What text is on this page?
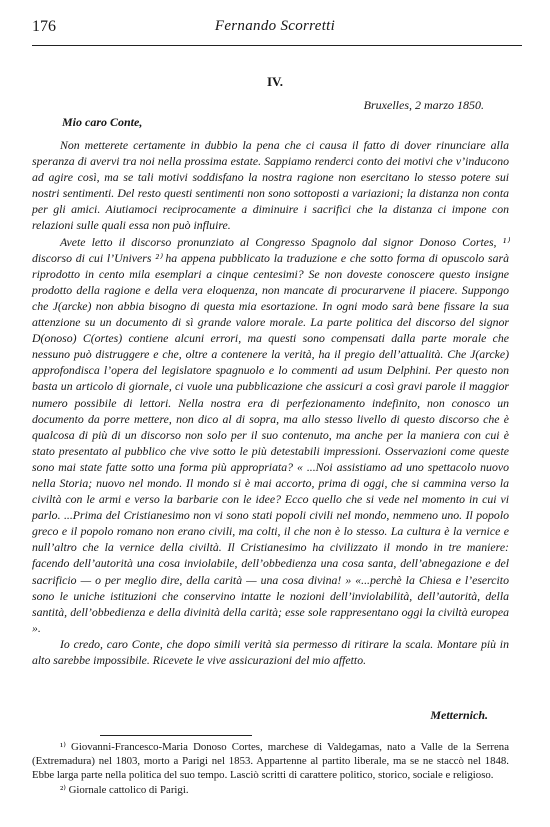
176	Fernando Scorretti
IV.
Bruxelles, 2 marzo 1850.
Mio caro Conte,

Non metterete certamente in dubbio la pena che ci causa il fatto di dover rinunciare alla speranza di avervi tra noi nella prossima estate. Sappiamo renderci conto dei motivi che v’inducono ad agire così, ma se tali motivi soddisfano la nostra ragione non esercitano lo stesso potere sui nostri sentimenti. Del resto questi sentimenti non sono sottoposti a variazioni; la distanza non conta per gli amici. Aiutiamoci reciprocamente a diminuire i sacrifici che la distanza ci impone con relazioni sulle quali essa non può influire.

Avete letto il discorso pronunziato al Congresso Spagnolo dal signor Donoso Cortes, ¹⁾ discorso di cui l’Univers ²⁾ ha appena pubblicato la traduzione e che sotto forma di opuscolo sarà riprodotto in cento mila esemplari a cinque centesimi? Se non doveste conoscere questo insigne prodotto della ragione e della vera eloquenza, non mancate di procurarvene il piacere. Suppongo che J(arcke) non abbia bisogno di questa mia esortazione. In ogni modo sarà bene fissare la sua attenzione su un documento di sì grande valore morale. La parte politica del discorso del signor D(onoso) C(ortes) contiene alcuni errori, ma questi sono compensati dalla parte morale che nessuno può distruggere e che, oltre a contenere la verità, ha il pregio dell’attualità. Che J(arcke) approfondisca l’opera del legislatore spagnuolo e lo commenti ad usum Delphini. Per questo non basta un articolo di giornale, ci vuole una pubblicazione che assicuri a così gravi parole il maggior numero possibile di lettori. Nella nostra era di perfezionamento indefinito, non conosco un documento da porre mettere, non dico al di sopra, ma allo stesso livello di questo discorso che è qualcosa di più di un discorso non solo per il suo contenuto, ma anche per la maniera con cui è stato presentato al pubblico che vive sotto le più detestabili impressioni. Osservazioni come queste sono mai state fatte sotto una forma più appropriata? « ...Noi assistiamo ad uno spettacolo nuovo nella Storia; nuovo nel mondo. Il mondo si è mai accorto, prima di oggi, che si cammina verso la civiltà con le armi e verso la barbarie con le idee? Ecco quello che si vede nel momento in cui vi parlo. ...Prima del Cristianesimo non vi sono stati popoli civili nel mondo, nemmeno uno. Il popolo greco e il popolo romano non erano civili, ma colti, il che non è lo stesso. La cultura è la vernice e null’altro che la vernice della civiltà. Il Cristianesimo ha civilizzato il mondo in tre maniere: facendo dell’autorità una cosa inviolabile, dell’obbedienza una cosa santa, dell’abnegazione e del sacrificio — o per meglio dire, della carità — una cosa divina! » «...perchè la Chiesa e l’esercito sono le uniche istituzioni che conservino intatte le nozioni dell’inviolabilità, dell’autorità, della santità, dell’obbedienza e della divinità della carità; esse sole rappresentano oggi la civiltà europea ».

Io credo, caro Conte, che dopo simili verità sia permesso di ritirare la scala. Montare più in alto sarebbe impossibile. Ricevete le vive assicurazioni del mio affetto.

Metternich.

¹⁾ Giovanni-Francesco-Maria Donoso Cortes, marchese di Valdegamas, nato a Valle de la Serrena (Extremadura) nel 1803, morto a Parigi nel 1853. Appartenne al partito liberale, ma se ne staccò nel 1848. Ebbe larga parte nella politica del suo tempo. Lasciò scritti di carattere politico, storico, sociale e religioso.

²⁾ Giornale cattolico di Parigi.
